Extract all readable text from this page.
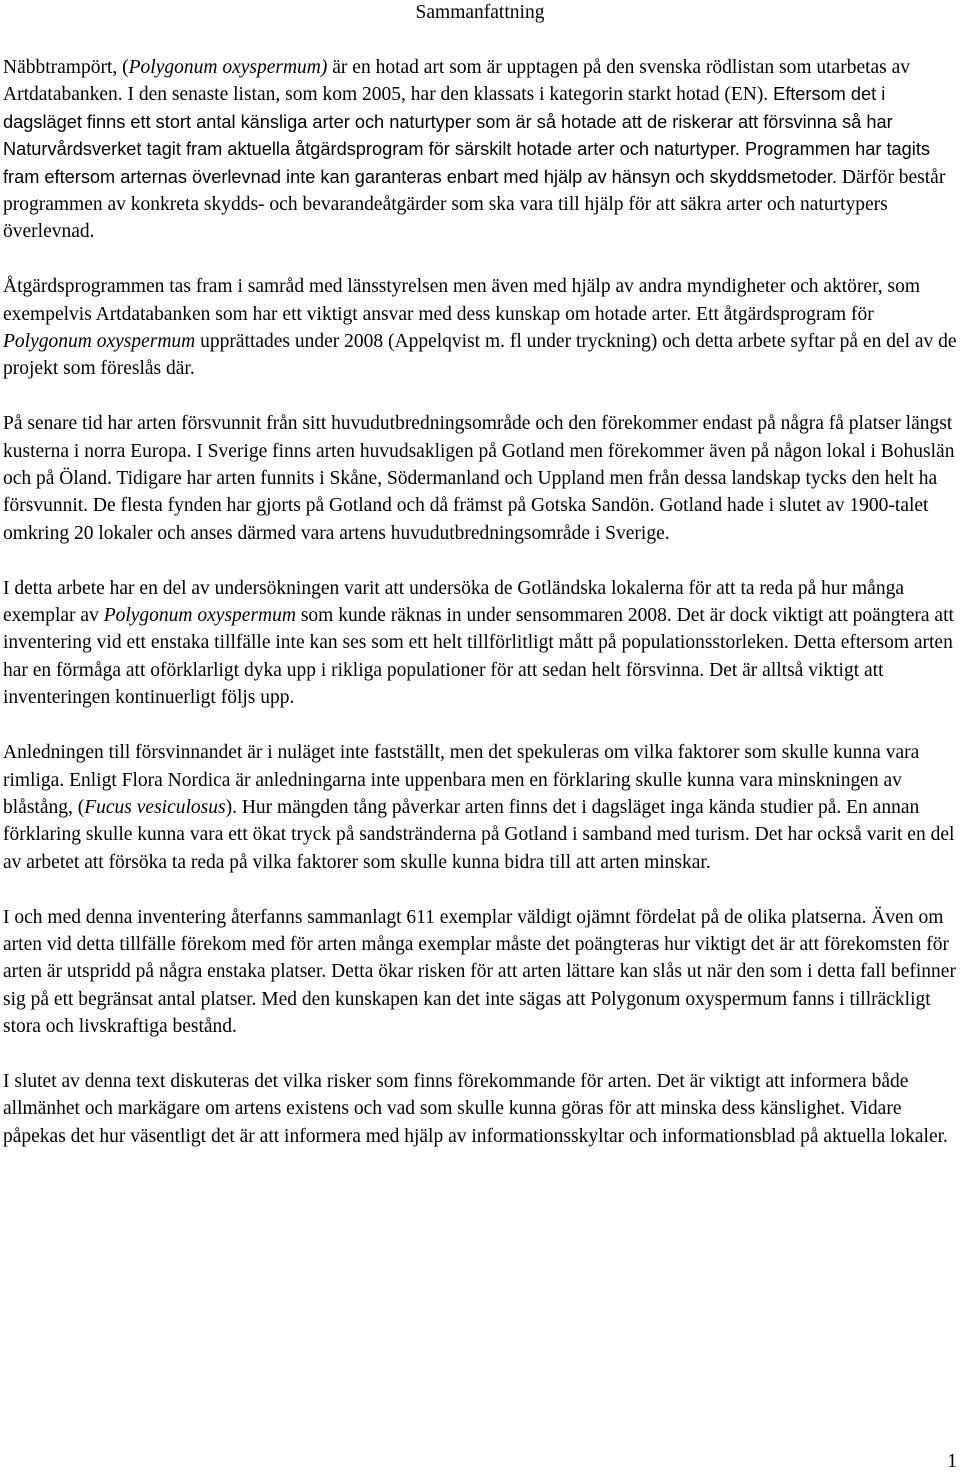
Sammanfattning

Näbbtrampört, (Polygonum oxyspermum) är en hotad art som är upptagen på den svenska rödlistan som utarbetas av Artdatabanken. I den senaste listan, som kom 2005, har den klassats i kategorin starkt hotad (EN). Eftersom det i dagsläget finns ett stort antal känsliga arter och naturtyper som är så hotade att de riskerar att försvinna så har Naturvårdsverket tagit fram aktuella åtgärdsprogram för särskilt hotade arter och naturtyper. Programmen har tagits fram eftersom arternas överlevnad inte kan garanteras enbart med hjälp av hänsyn och skyddsmetoder. Därför består programmen av konkreta skydds- och bevarandeåtgärder som ska vara till hjälp för att säkra arter och naturtypers överlevnad.

Åtgärdsprogrammen tas fram i samråd med länsstyrelsen men även med hjälp av andra myndigheter och aktörer, som exempelvis Artdatabanken som har ett viktigt ansvar med dess kunskap om hotade arter. Ett åtgärdsprogram för Polygonum oxyspermum upprättades under 2008 (Appelqvist m. fl under tryckning) och detta arbete syftar på en del av de projekt som föreslås där.

På senare tid har arten försvunnit från sitt huvudutbredningsområde och den förekommer endast på några få platser längst kusterna i norra Europa. I Sverige finns arten huvudsakligen på Gotland men förekommer även på någon lokal i Bohuslän och på Öland. Tidigare har arten funnits i Skåne, Södermanland och Uppland men från dessa landskap tycks den helt ha försvunnit. De flesta fynden har gjorts på Gotland och då främst på Gotska Sandön. Gotland hade i slutet av 1900-talet omkring 20 lokaler och anses därmed vara artens huvudutbredningsområde i Sverige.

I detta arbete har en del av undersökningen varit att undersöka de Gotländska lokalerna för att ta reda på hur många exemplar av Polygonum oxyspermum som kunde räknas in under sensommaren 2008. Det är dock viktigt att poängtera att inventering vid ett enstaka tillfälle inte kan ses som ett helt tillförlitligt mått på populationsstorleken. Detta eftersom arten har en förmåga att oförklarligt dyka upp i rikliga populationer för att sedan helt försvinna. Det är alltså viktigt att inventeringen kontinuerligt följs upp.

Anledningen till försvinnandet är i nuläget inte fastställt, men det spekuleras om vilka faktorer som skulle kunna vara rimliga. Enligt Flora Nordica är anledningarna inte uppenbara men en förklaring skulle kunna vara minskningen av blåstång, (Fucus vesiculosus). Hur mängden tång påverkar arten finns det i dagsläget inga kända studier på. En annan förklaring skulle kunna vara ett ökat tryck på sandstränderna på Gotland i samband med turism. Det har också varit en del av arbetet att försöka ta reda på vilka faktorer som skulle kunna bidra till att arten minskar.

I och med denna inventering återfanns sammanlagt 611 exemplar väldigt ojämnt fördelat på de olika platserna. Även om arten vid detta tillfälle förekom med för arten många exemplar måste det poängteras hur viktigt det är att förekomsten för arten är utspridd på några enstaka platser. Detta ökar risken för att arten lättare kan slås ut när den som i detta fall befinner sig på ett begränsat antal platser. Med den kunskapen kan det inte sägas att Polygonum oxyspermum fanns i tillräckligt stora och livskraftiga bestånd.

I slutet av denna text diskuteras det vilka risker som finns förekommande för arten. Det är viktigt att informera både allmänhet och markägare om artens existens och vad som skulle kunna göras för att minska dess känslighet. Vidare påpekas det hur väsentligt det är att informera med hjälp av informationsskyltar och informationsblad på aktuella lokaler.

1
